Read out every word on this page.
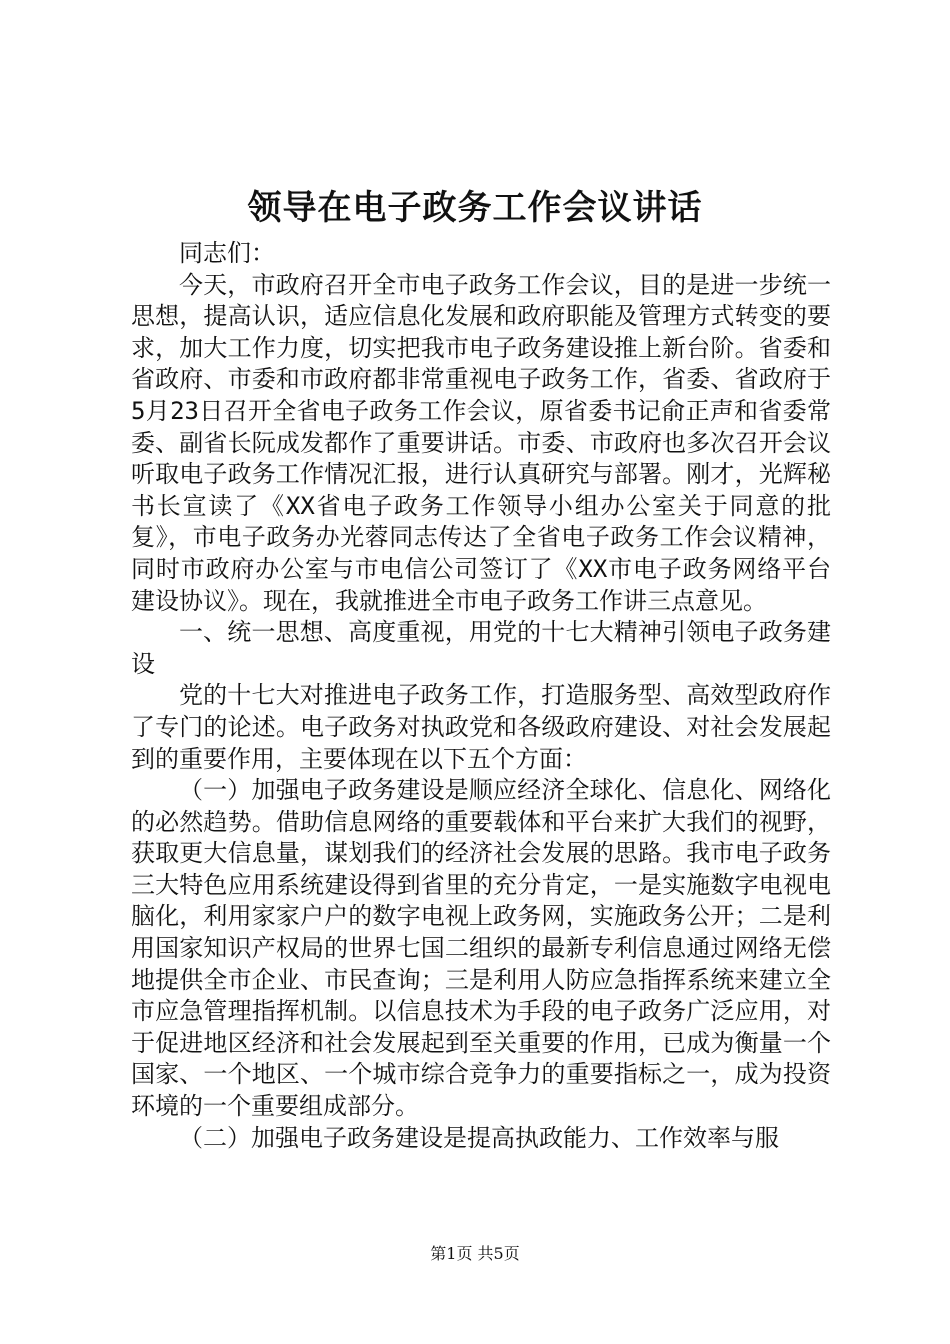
领导在电子政务工作会议讲话

同志们：

今天，市政府召开全市电子政务工作会议，目的是进一步统一思想，提高认识，适应信息化发展和政府职能及管理方式转变的要求，加大工作力度，切实把我市电子政务建设推上新台阶。省委和省政府、市委和市政府都非常重视电子政务工作，省委、省政府于5月23日召开全省电子政务工作会议，原省委书记俞正声和省委常委、副省长阮成发都作了重要讲话。市委、市政府也多次召开会议听取电子政务工作情况汇报，进行认真研究与部署。刚才，光辉秘书长宣读了《XX省电子政务工作领导小组办公室关于同意的批复》，市电子政务办光蓉同志传达了全省电子政务工作会议精神，同时市政府办公室与市电信公司签订了《XX市电子政务网络平台建设协议》。现在，我就推进全市电子政务工作讲三点意见。

一、统一思想、高度重视，用党的十七大精神引领电子政务建设

党的十七大对推进电子政务工作，打造服务型、高效型政府作了专门的论述。电子政务对执政党和各级政府建设、对社会发展起到的重要作用，主要体现在以下五个方面：

（一）加强电子政务建设是顺应经济全球化、信息化、网络化的必然趋势。借助信息网络的重要载体和平台来扩大我们的视野，获取更大信息量，谋划我们的经济社会发展的思路。我市电子政务三大特色应用系统建设得到省里的充分肯定，一是实施数字电视电脑化，利用家家户户的数字电视上政务网，实施政务公开；二是利用国家知识产权局的世界七国二组织的最新专利信息通过网络无偿地提供全市企业、市民查询；三是利用人防应急指挥系统来建立全市应急管理指挥机制。以信息技术为手段的电子政务广泛应用，对于促进地区经济和社会发展起到至关重要的作用，已成为衡量一个国家、一个地区、一个城市综合竞争力的重要指标之一，成为投资环境的一个重要组成部分。

（二）加强电子政务建设是提高执政能力、工作效率与服

第1页 共5页
